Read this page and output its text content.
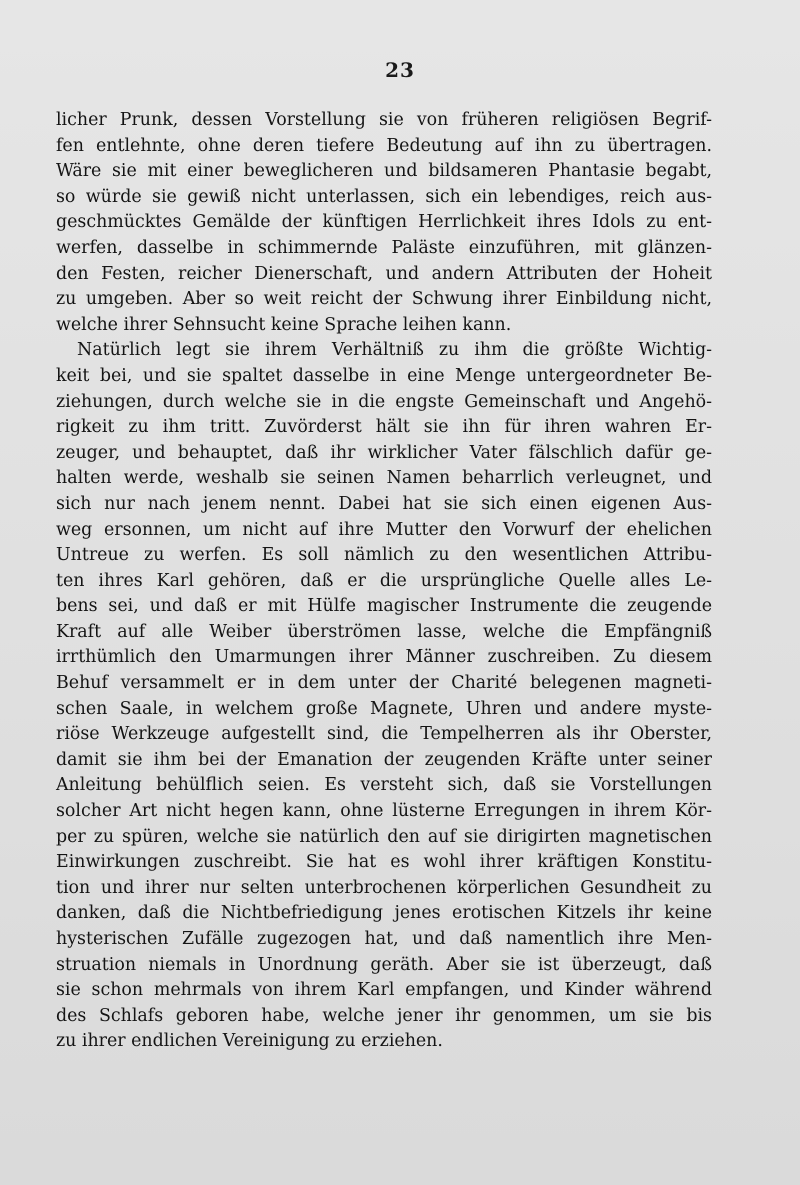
23
licher Prunk, dessen Vorstellung sie von früheren religiösen Begrif-
fen entlehnte, ohne deren tiefere Bedeutung auf ihn zu übertragen.
Wäre sie mit einer beweglicheren und bildsameren Phantasie begabt,
so würde sie gewiß nicht unterlassen, sich ein lebendiges, reich aus-
geschmücktes Gemälde der künftigen Herrlichkeit ihres Idols zu ent-
werfen, dasselbe in schimmernde Paläste einzuführen, mit glänzen-
den Festen, reicher Dienerschaft, und andern Attributen der Hoheit
zu umgeben. Aber so weit reicht der Schwung ihrer Einbildung nicht,
welche ihrer Sehnsucht keine Sprache leihen kann.
Natürlich legt sie ihrem Verhältniß zu ihm die größte Wichtig-
keit bei, und sie spaltet dasselbe in eine Menge untergeordneter Be-
ziehungen, durch welche sie in die engste Gemeinschaft und Angehö-
rigkeit zu ihm tritt. Zuvörderst hält sie ihn für ihren wahren Er-
zeuger, und behauptet, daß ihr wirklicher Vater fälschlich dafür ge-
halten werde, weshalb sie seinen Namen beharrlich verleugnet, und
sich nur nach jenem nennt. Dabei hat sie sich einen eigenen Aus-
weg ersonnen, um nicht auf ihre Mutter den Vorwurf der ehelichen
Untreue zu werfen. Es soll nämlich zu den wesentlichen Attribu-
ten ihres Karl gehören, daß er die ursprüngliche Quelle alles Le-
bens sei, und daß er mit Hülfe magischer Instrumente die zeugende
Kraft auf alle Weiber überströmen lasse, welche die Empfängniß
irrthümlich den Umarmungen ihrer Männer zuschreiben. Zu diesem
Behuf versammelt er in dem unter der Charité belegenen magneti-
schen Saale, in welchem große Magnete, Uhren und andere myste-
riöse Werkzeuge aufgestellt sind, die Tempelherren als ihr Oberster,
damit sie ihm bei der Emanation der zeugenden Kräfte unter seiner
Anleitung behülflich seien. Es versteht sich, daß sie Vorstellungen
solcher Art nicht hegen kann, ohne lüsterne Erregungen in ihrem Kör-
per zu spüren, welche sie natürlich den auf sie dirigirten magnetischen
Einwirkungen zuschreibt. Sie hat es wohl ihrer kräftigen Konstitu-
tion und ihrer nur selten unterbrochenen körperlichen Gesundheit zu
danken, daß die Nichtbefriedigung jenes erotischen Kitzels ihr keine
hysterischen Zufälle zugezogen hat, und daß namentlich ihre Men-
struation niemals in Unordnung geräth. Aber sie ist überzeugt, daß
sie schon mehrmals von ihrem Karl empfangen, und Kinder während
des Schlafs geboren habe, welche jener ihr genommen, um sie bis
zu ihrer endlichen Vereinigung zu erziehen.
